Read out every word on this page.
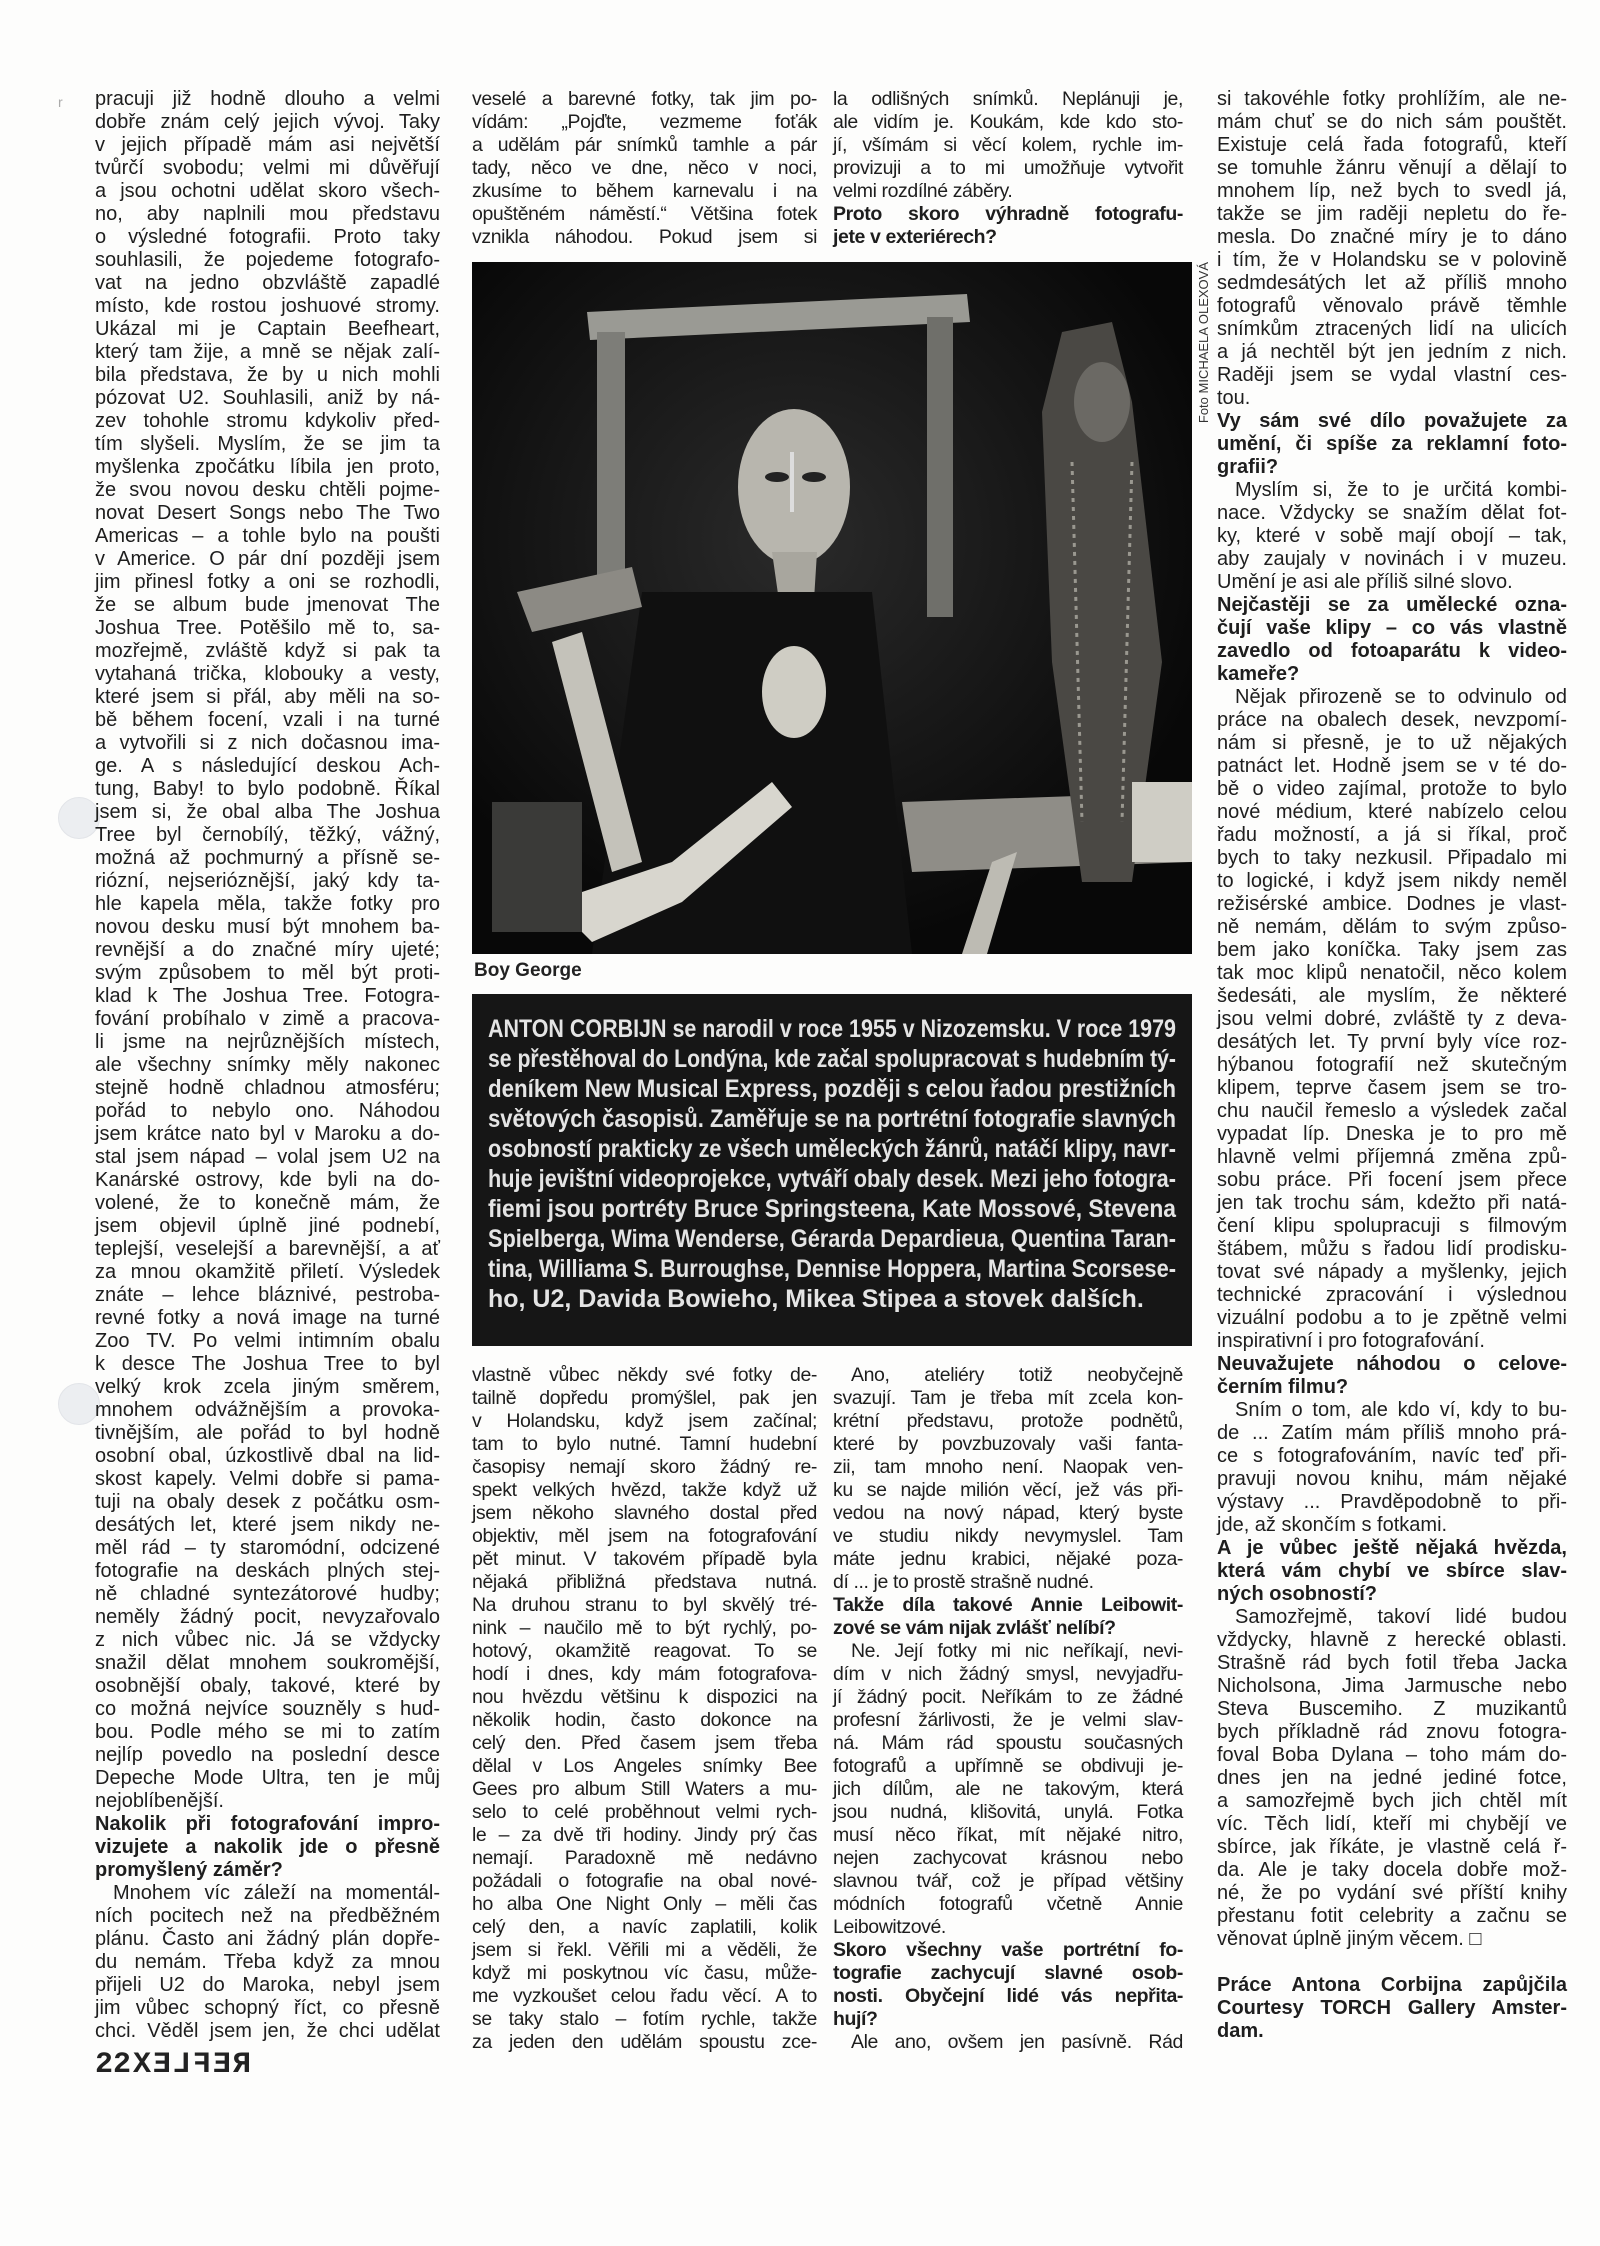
r pracuji již hodně dlouho a velmi
dobře znám celý jejich vývoj. Taky
v jejich případě mám asi největší
tvůrčí svobodu; velmi mi důvěřují
a jsou ochotni udělat skoro všech-
no, aby naplnili mou představu
o výsledné fotografii. Proto taky
souhlasili, že pojedeme fotografo-
vat na jedno obzvláště zapadlé
místo, kde rostou joshuové stromy.
Ukázal mi je Captain Beefheart,
který tam žije, a mně se nějak zalí-
bila představa, že by u nich mohli
pózovat U2. Souhlasili, aniž by ná-
zev tohohle stromu kdykoliv před-
tím slyšeli. Myslím, že se jim ta
myšlenka zpočátku líbila jen proto,
že svou novou desku chtěli pojme-
novat Desert Songs nebo The Two
Americas – a tohle bylo na poušti
v Americe. O pár dní později jsem
jim přinesl fotky a oni se rozhodli,
že se album bude jmenovat The
Joshua Tree. Potěšilo mě to, sa-
mozřejmě, zvláště když si pak ta
vytahaná trička, klobouky a vesty,
které jsem si přál, aby měli na so-
bě během focení, vzali i na turné
a vytvořili si z nich dočasnou ima-
ge. A s následující deskou Ach-
tung, Baby! to bylo podobně. Říkal
jsem si, že obal alba The Joshua
Tree byl černobílý, těžký, vážný,
možná až pochmurný a přísně se-
riózní, nejserióznější, jaký kdy ta-
hle kapela měla, takže fotky pro
novou desku musí být mnohem ba-
revnější a do značné míry ujeté;
svým způsobem to měl být proti-
klad k The Joshua Tree. Fotogra-
fování probíhalo v zimě a pracova-
li jsme na nejrůznějších místech,
ale všechny snímky měly nakonec
stejně hodně chladnou atmosféru;
pořád to nebylo ono. Náhodou
jsem krátce nato byl v Maroku a do-
stal jsem nápad – volal jsem U2 na
Kanárské ostrovy, kde byli na do-
volené, že to konečně mám, že
jsem objevil úplně jiné podnebí,
teplejší, veselejší a barevnější, a ať
za mnou okamžitě přiletí. Výsledek
znáte – lehce bláznivé, pestroba-
revné fotky a nová image na turné
Zoo TV. Po velmi intimním obalu
k desce The Joshua Tree to byl
velký krok zcela jiným směrem,
mnohem odvážnějším a provoka-
tivnějším, ale pořád to byl hodně
osobní obal, úzkostlivě dbal na lid-
skost kapely. Velmi dobře si pama-
tuji na obaly desek z počátku osm-
desátých let, které jsem nikdy ne-
měl rád – ty staromódní, odcizené
fotografie na deskách plných stej-
ně chladné syntezátorové hudby;
neměly žádný pocit, nevyzařovalo
z nich vůbec nic. Já se vždycky
snažil dělat mnohem soukromější,
osobnější obaly, takové, které by
co možná nejvíce souzněly s hud-
bou. Podle mého se mi to zatím
nejlíp povedlo na poslední desce
Depeche Mode Ultra, ten je můj
nejoblíbenější.
Nakolik při fotografování impro-
vizujete a nakolik jde o přesně
promyšlený záměr?
Mnohem víc záleží na momentál-
ních pocitech než na předběžném
plánu. Často ani žádný plán dopře-
du nemám. Třeba když za mnou
přijeli U2 do Maroka, nebyl jsem
jim vůbec schopný říct, co přesně
chci. Věděl jsem jen, že chci udělat
veselé a barevné fotky, tak jim po-
vídám: „Pojďte, vezmeme foťák
a udělám pár snímků tamhle a pár
tady, něco ve dne, něco v noci,
zkusíme to během karnevalu i na
opuštěném náměstí.“ Většina fotek
vznikla náhodou. Pokud jsem si
la odlišných snímků. Neplánuji je,
ale vidím je. Koukám, kde kdo sto-
jí, všímám si věcí kolem, rychle im-
provizuji a to mi umožňuje vytvořit
velmi rozdílné záběry.
Proto skoro výhradně fotografu-
jete v exteriérech?
Foto MICHAELA OLEXOVÁ
Boy George
ANTON CORBIJN se narodil v roce 1955 v Nizozemsku. V roce 1979
se přestěhoval do Londýna, kde začal spolupracovat s hudebním tý-
deníkem New Musical Express, později s celou řadou prestižních
světových časopisů. Zaměřuje se na portrétní fotografie slavných
osobností prakticky ze všech uměleckých žánrů, natáčí klipy, navr-
huje jevištní videoprojekce, vytváří obaly desek. Mezi jeho fotogra-
fiemi jsou portréty Bruce Springsteena, Kate Mossové, Stevena
Spielberga, Wima Wenderse, Gérarda Depardieua, Quentina Taran-
tina, Williama S. Burroughse, Dennise Hoppera, Martina Scorsese-
ho, U2, Davida Bowieho, Mikea Stipea a stovek dalších.
vlastně vůbec někdy své fotky de-
tailně dopředu promýšlel, pak jen
v Holandsku, když jsem začínal;
tam to bylo nutné. Tamní hudební
časopisy nemají skoro žádný re-
spekt velkých hvězd, takže když už
jsem někoho slavného dostal před
objektiv, měl jsem na fotografování
pět minut. V takovém případě byla
nějaká přibližná představa nutná.
Na druhou stranu to byl skvělý tré-
nink – naučilo mě to být rychlý, po-
hotový, okamžitě reagovat. To se
hodí i dnes, kdy mám fotografova-
nou hvězdu většinu k dispozici na
několik hodin, často dokonce na
celý den. Před časem jsem třeba
dělal v Los Angeles snímky Bee
Gees pro album Still Waters a mu-
selo to celé proběhnout velmi rych-
le – za dvě tři hodiny. Jindy prý čas
nemají. Paradoxně mě nedávno
požádali o fotografie na obal nové-
ho alba One Night Only – měli čas
celý den, a navíc zaplatili, kolik
jsem si řekl. Věřili mi a věděli, že
když mi poskytnou víc času, může-
me vyzkoušet celou řadu věcí. A to
se taky stalo – fotím rychle, takže
za jeden den udělám spoustu zce-
Ano, ateliéry totiž neobyčejně
svazují. Tam je třeba mít zcela kon-
krétní představu, protože podnětů,
které by povzbuzovaly vaši fanta-
zii, tam mnoho není. Naopak ven-
ku se najde milión věcí, jež vás při-
vedou na nový nápad, který byste
ve studiu nikdy nevymyslel. Tam
máte jednu krabici, nějaké poza-
dí ... je to prostě strašně nudné.
Takže díla takové Annie Leibowit-
zové se vám nijak zvlášť nelíbí?
Ne. Její fotky mi nic neříkají, nevi-
dím v nich žádný smysl, nevyjadřu-
jí žádný pocit. Neříkám to ze žádné
profesní žárlivosti, že je velmi slav-
ná. Mám rád spoustu současných
fotografů a upřímně se obdivuji je-
jich dílům, ale ne takovým, která
jsou nudná, klišovitá, unylá. Fotka
musí něco říkat, mít nějaké nitro,
nejen zachycovat krásnou nebo
slavnou tvář, což je případ většiny
módních fotografů včetně Annie
Leibowitzové.
Skoro všechny vaše portrétní fo-
tografie zachycují slavné osob-
nosti. Obyčejní lidé vás nepřita-
hují?
Ale ano, ovšem jen pasívně. Rád
si takovéhle fotky prohlížím, ale ne-
mám chuť se do nich sám pouštět.
Existuje celá řada fotografů, kteří
se tomuhle žánru věnují a dělají to
mnohem líp, než bych to svedl já,
takže se jim raději nepletu do ře-
mesla. Do značné míry je to dáno
i tím, že v Holandsku se v polovině
sedmdesátých let až příliš mnoho
fotografů věnovalo právě těmhle
snímkům ztracených lidí na ulicích
a já nechtěl být jen jedním z nich.
Raději jsem se vydal vlastní ces-
tou.
Vy sám své dílo považujete za
umění, či spíše za reklamní foto-
grafii?
Myslím si, že to je určitá kombi-
nace. Vždycky se snažím dělat fot-
ky, které v sobě mají obojí – tak,
aby zaujaly v novinách i v muzeu.
Umění je asi ale příliš silné slovo.
Nejčastěji se za umělecké ozna-
čují vaše klipy – co vás vlastně
zavedlo od fotoaparátu k video-
kameře?
Nějak přirozeně se to odvinulo od
práce na obalech desek, nevzpomí-
nám si přesně, je to už nějakých
patnáct let. Hodně jsem se v té do-
bě o video zajímal, protože to bylo
nové médium, které nabízelo celou
řadu možností, a já si říkal, proč
bych to taky nezkusil. Připadalo mi
to logické, i když jsem nikdy neměl
režisérské ambice. Dodnes je vlast-
ně nemám, dělám to svým způso-
bem jako koníčka. Taky jsem zas
tak moc klipů nenatočil, něco kolem
šedesáti, ale myslím, že některé
jsou velmi dobré, zvláště ty z deva-
desátých let. Ty první byly více roz-
hýbanou fotografií než skutečným
klipem, teprve časem jsem se tro-
chu naučil řemeslo a výsledek začal
vypadat líp. Dneska je to pro mě
hlavně velmi příjemná změna způ-
sobu práce. Při focení jsem přece
jen tak trochu sám, kdežto při natá-
čení klipu spolupracuji s filmovým
štábem, můžu s řadou lidí prodisku-
tovat své nápady a myšlenky, jejich
technické zpracování i výslednou
vizuální podobu a to je zpětně velmi
inspirativní i pro fotografování.
Neuvažujete náhodou o celove-
černím filmu?
Sním o tom, ale kdo ví, kdy to bu-
de ... Zatím mám příliš mnoho prá-
ce s fotografováním, navíc teď při-
pravuji novou knihu, mám nějaké
výstavy ... Pravděpodobně to při-
jde, až skončím s fotkami.
A je vůbec ještě nějaká hvězda,
která vám chybí ve sbírce slav-
ných osobností?
Samozřejmě, takoví lidé budou
vždycky, hlavně z herecké oblasti.
Strašně rád bych fotil třeba Jacka
Nicholsona, Jima Jarmusche nebo
Steva Buscemiho. Z muzikantů
bych příkladně rád znovu fotogra-
foval Boba Dylana – toho mám do-
dnes jen na jedné jediné fotce,
a samozřejmě bych jich chtěl mít
víc. Těch lidí, kteří mi chybějí ve
sbírce, jak říkáte, je vlastně celá ř-
da. Ale je taky docela dobře mož-
né, že po vydání své příští knihy
přestanu fotit celebrity a začnu se
věnovat úplně jiným věcem. □
Práce Antona Corbijna zapůjčila
Courtesy TORCH Gallery Amster-
dam.
22 REFLEX
